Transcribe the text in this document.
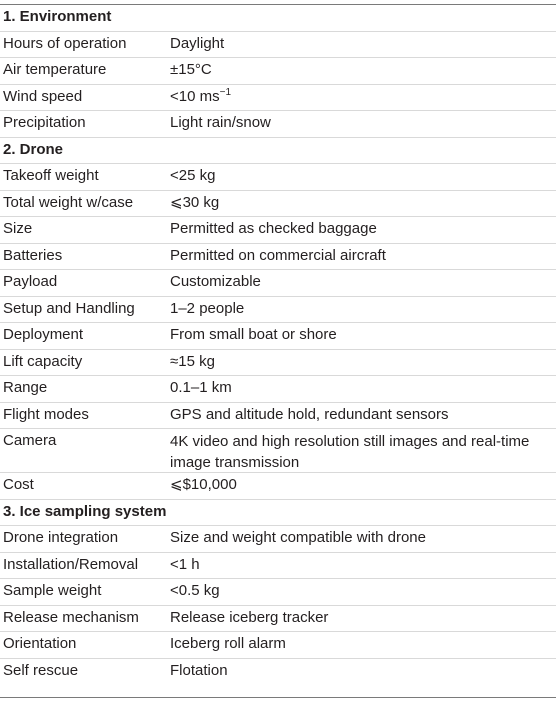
1. Environment
Hours of operation	Daylight
Air temperature	±15°C
Wind speed	<10 $ms^{-1}$
Precipitation	Light rain/snow
2. Drone
Takeoff weight	<25 kg
Total weight w/case	⩽30 kg
Size	Permitted as checked baggage
Batteries	Permitted on commercial aircraft
Payload	Customizable
Setup and Handling	1–2 people
Deployment	From small boat or shore
Lift capacity	≈15 kg
Range	0.1–1 km
Flight modes	GPS and altitude hold, redundant sensors
Camera	4K video and high resolution still images and real-time image transmission
Cost	⩽$10,000
3. Ice sampling system
Drone integration	Size and weight compatible with drone
Installation/Removal	<1 h
Sample weight	<0.5 kg
Release mechanism	Release iceberg tracker
Orientation	Iceberg roll alarm
Self rescue	Flotation
